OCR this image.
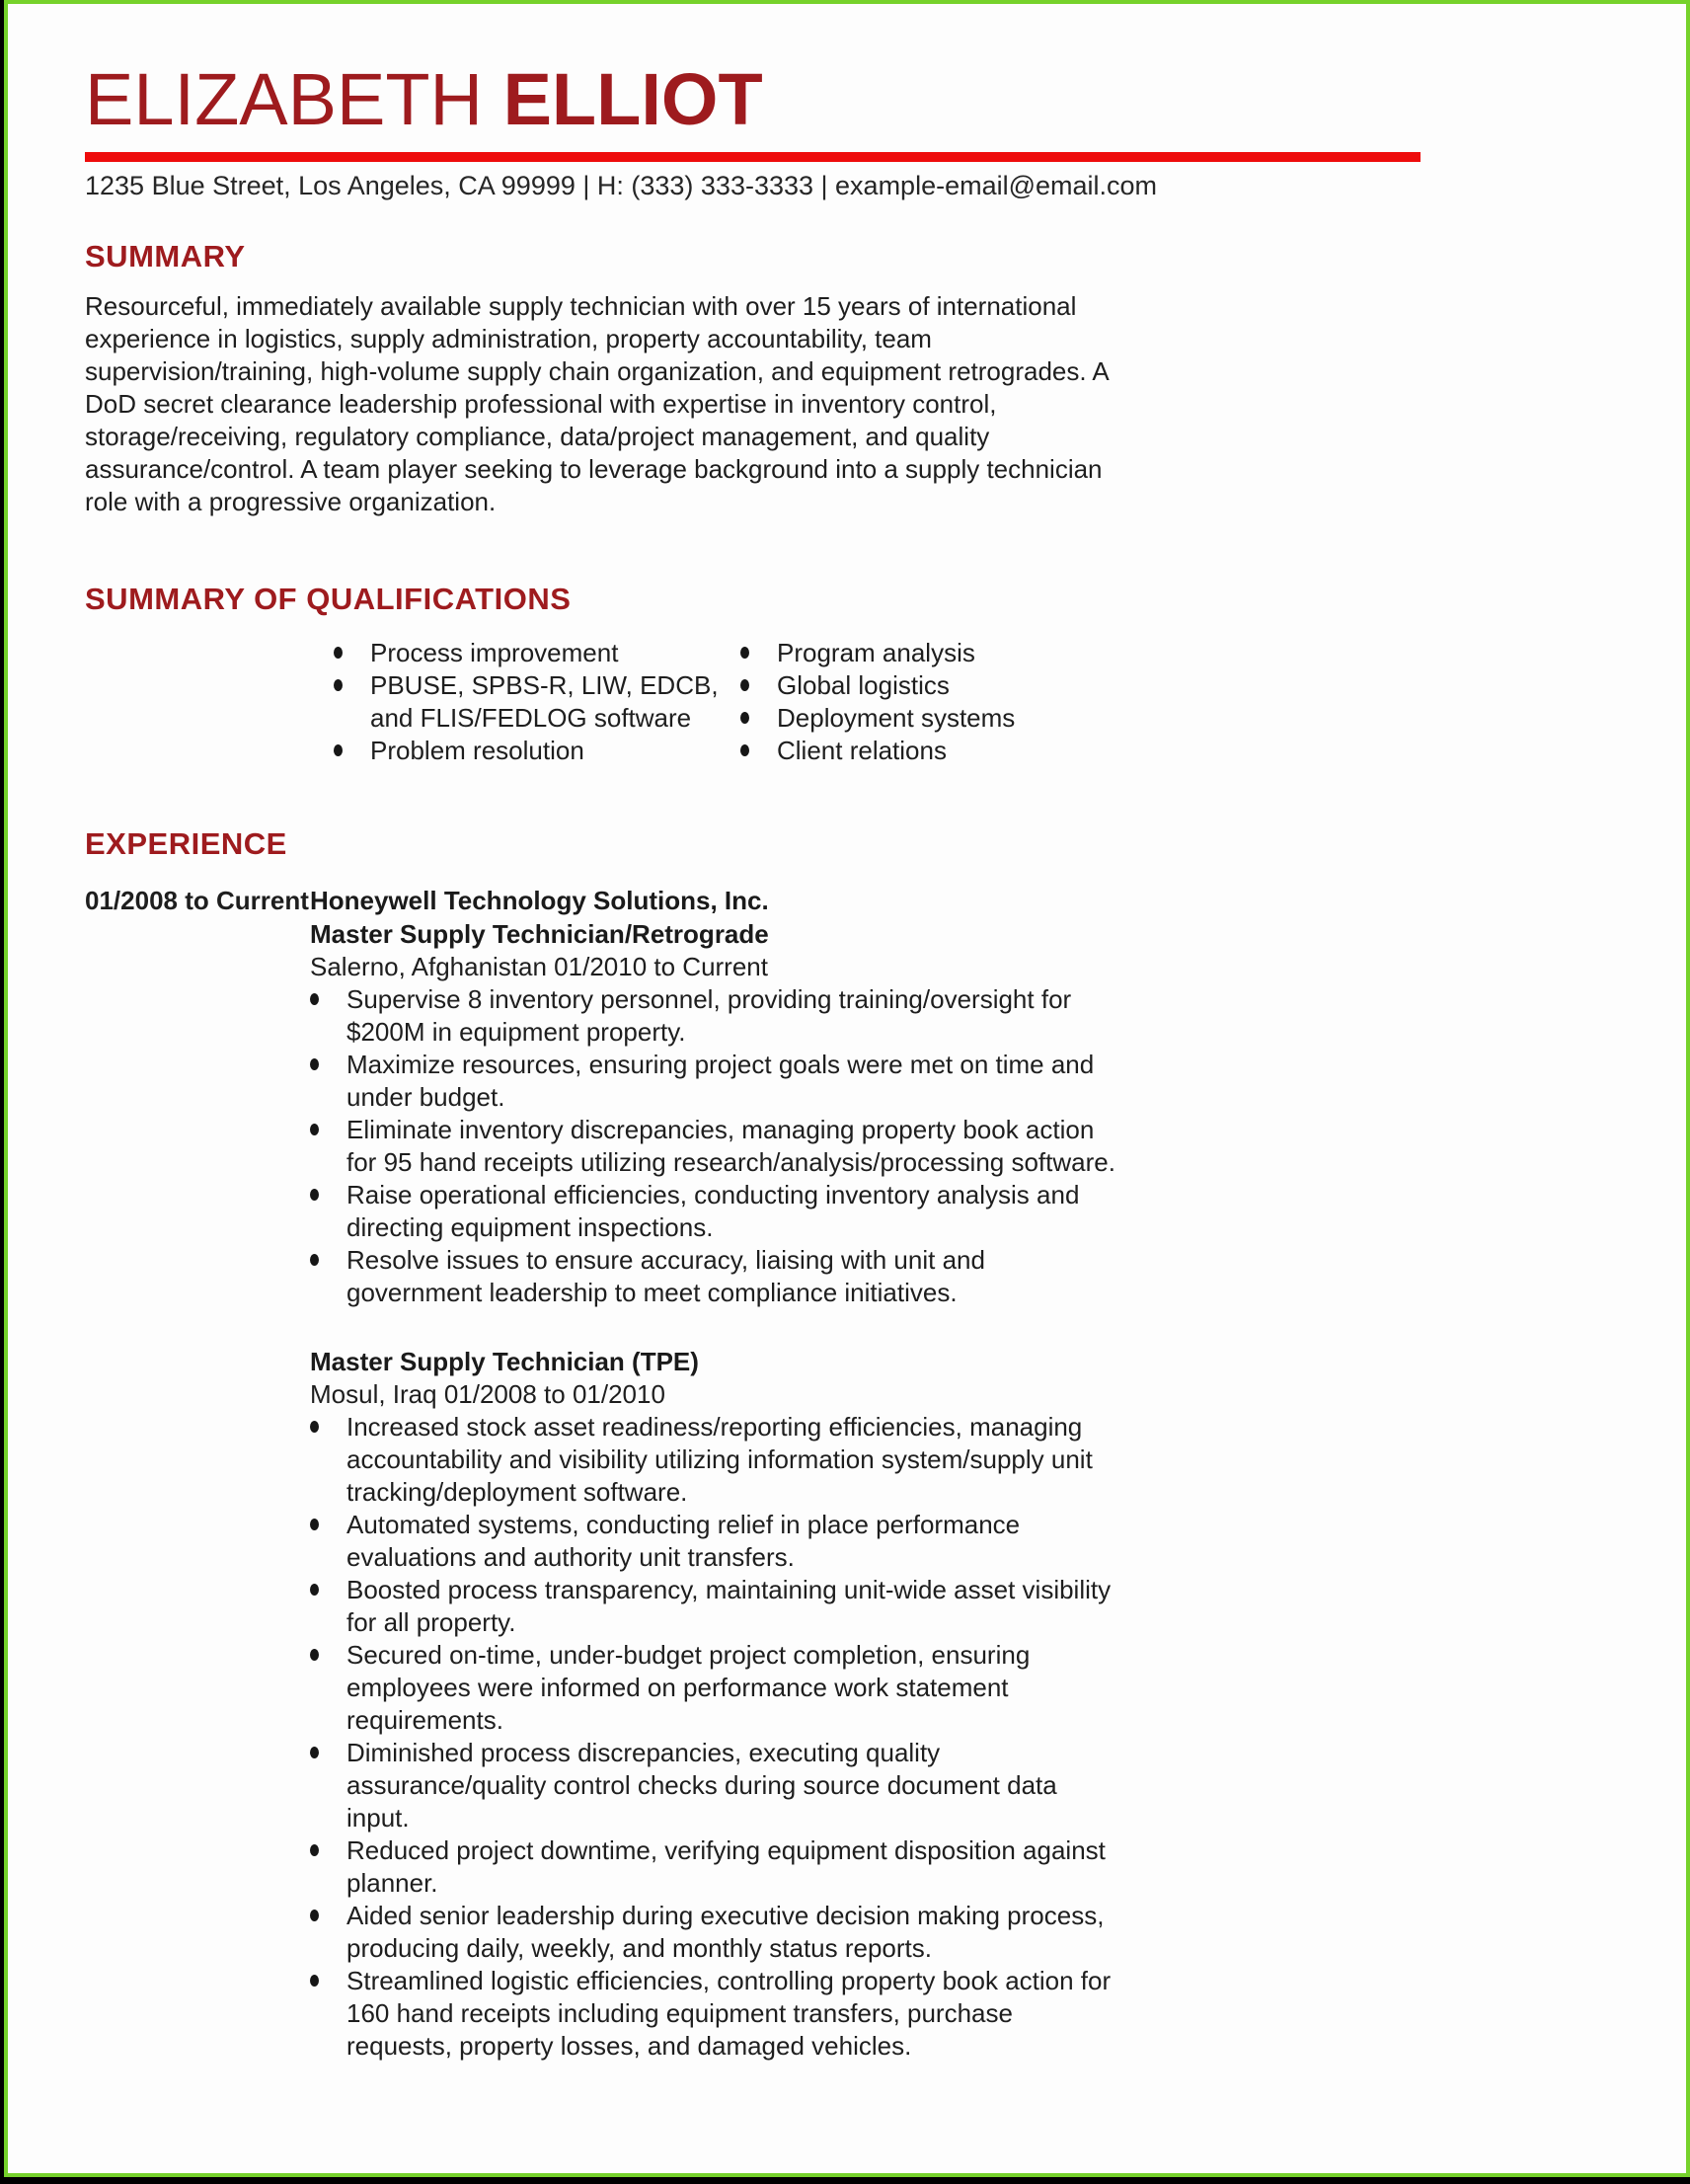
ELIZABETH ELLIOT
1235 Blue Street, Los Angeles, CA 99999 | H: (333) 333-3333 | example-email@email.com
SUMMARY

Resourceful, immediately available supply technician with over 15 years of international experience in logistics, supply administration, property accountability, team supervision/training, high-volume supply chain organization, and equipment retrogrades. A DoD secret clearance leadership professional with expertise in inventory control, storage/receiving, regulatory compliance, data/project management, and quality assurance/control. A team player seeking to leverage background into a supply technician role with a progressive organization.

SUMMARY OF QUALIFICATIONS
Process improvement
PBUSE, SPBS-R, LIW, EDCB, and FLIS/FEDLOG software
Problem resolution
Program analysis
Global logistics
Deployment systems
Client relations
EXPERIENCE
01/2008 to Current Honeywell Technology Solutions, Inc.
Master Supply Technician/Retrograde
Salerno, Afghanistan 01/2010 to Current
Supervise 8 inventory personnel, providing training/oversight for $200M in equipment property.
Maximize resources, ensuring project goals were met on time and under budget.
Eliminate inventory discrepancies, managing property book action for 95 hand receipts utilizing research/analysis/processing software.
Raise operational efficiencies, conducting inventory analysis and directing equipment inspections.
Resolve issues to ensure accuracy, liaising with unit and government leadership to meet compliance initiatives.
Master Supply Technician (TPE)
Mosul, Iraq 01/2008 to 01/2010
Increased stock asset readiness/reporting efficiencies, managing accountability and visibility utilizing information system/supply unit tracking/deployment software.
Automated systems, conducting relief in place performance evaluations and authority unit transfers.
Boosted process transparency, maintaining unit-wide asset visibility for all property.
Secured on-time, under-budget project completion, ensuring employees were informed on performance work statement requirements.
Diminished process discrepancies, executing quality assurance/quality control checks during source document data input.
Reduced project downtime, verifying equipment disposition against planner.
Aided senior leadership during executive decision making process, producing daily, weekly, and monthly status reports.
Streamlined logistic efficiencies, controlling property book action for 160 hand receipts including equipment transfers, purchase requests, property losses, and damaged vehicles.
